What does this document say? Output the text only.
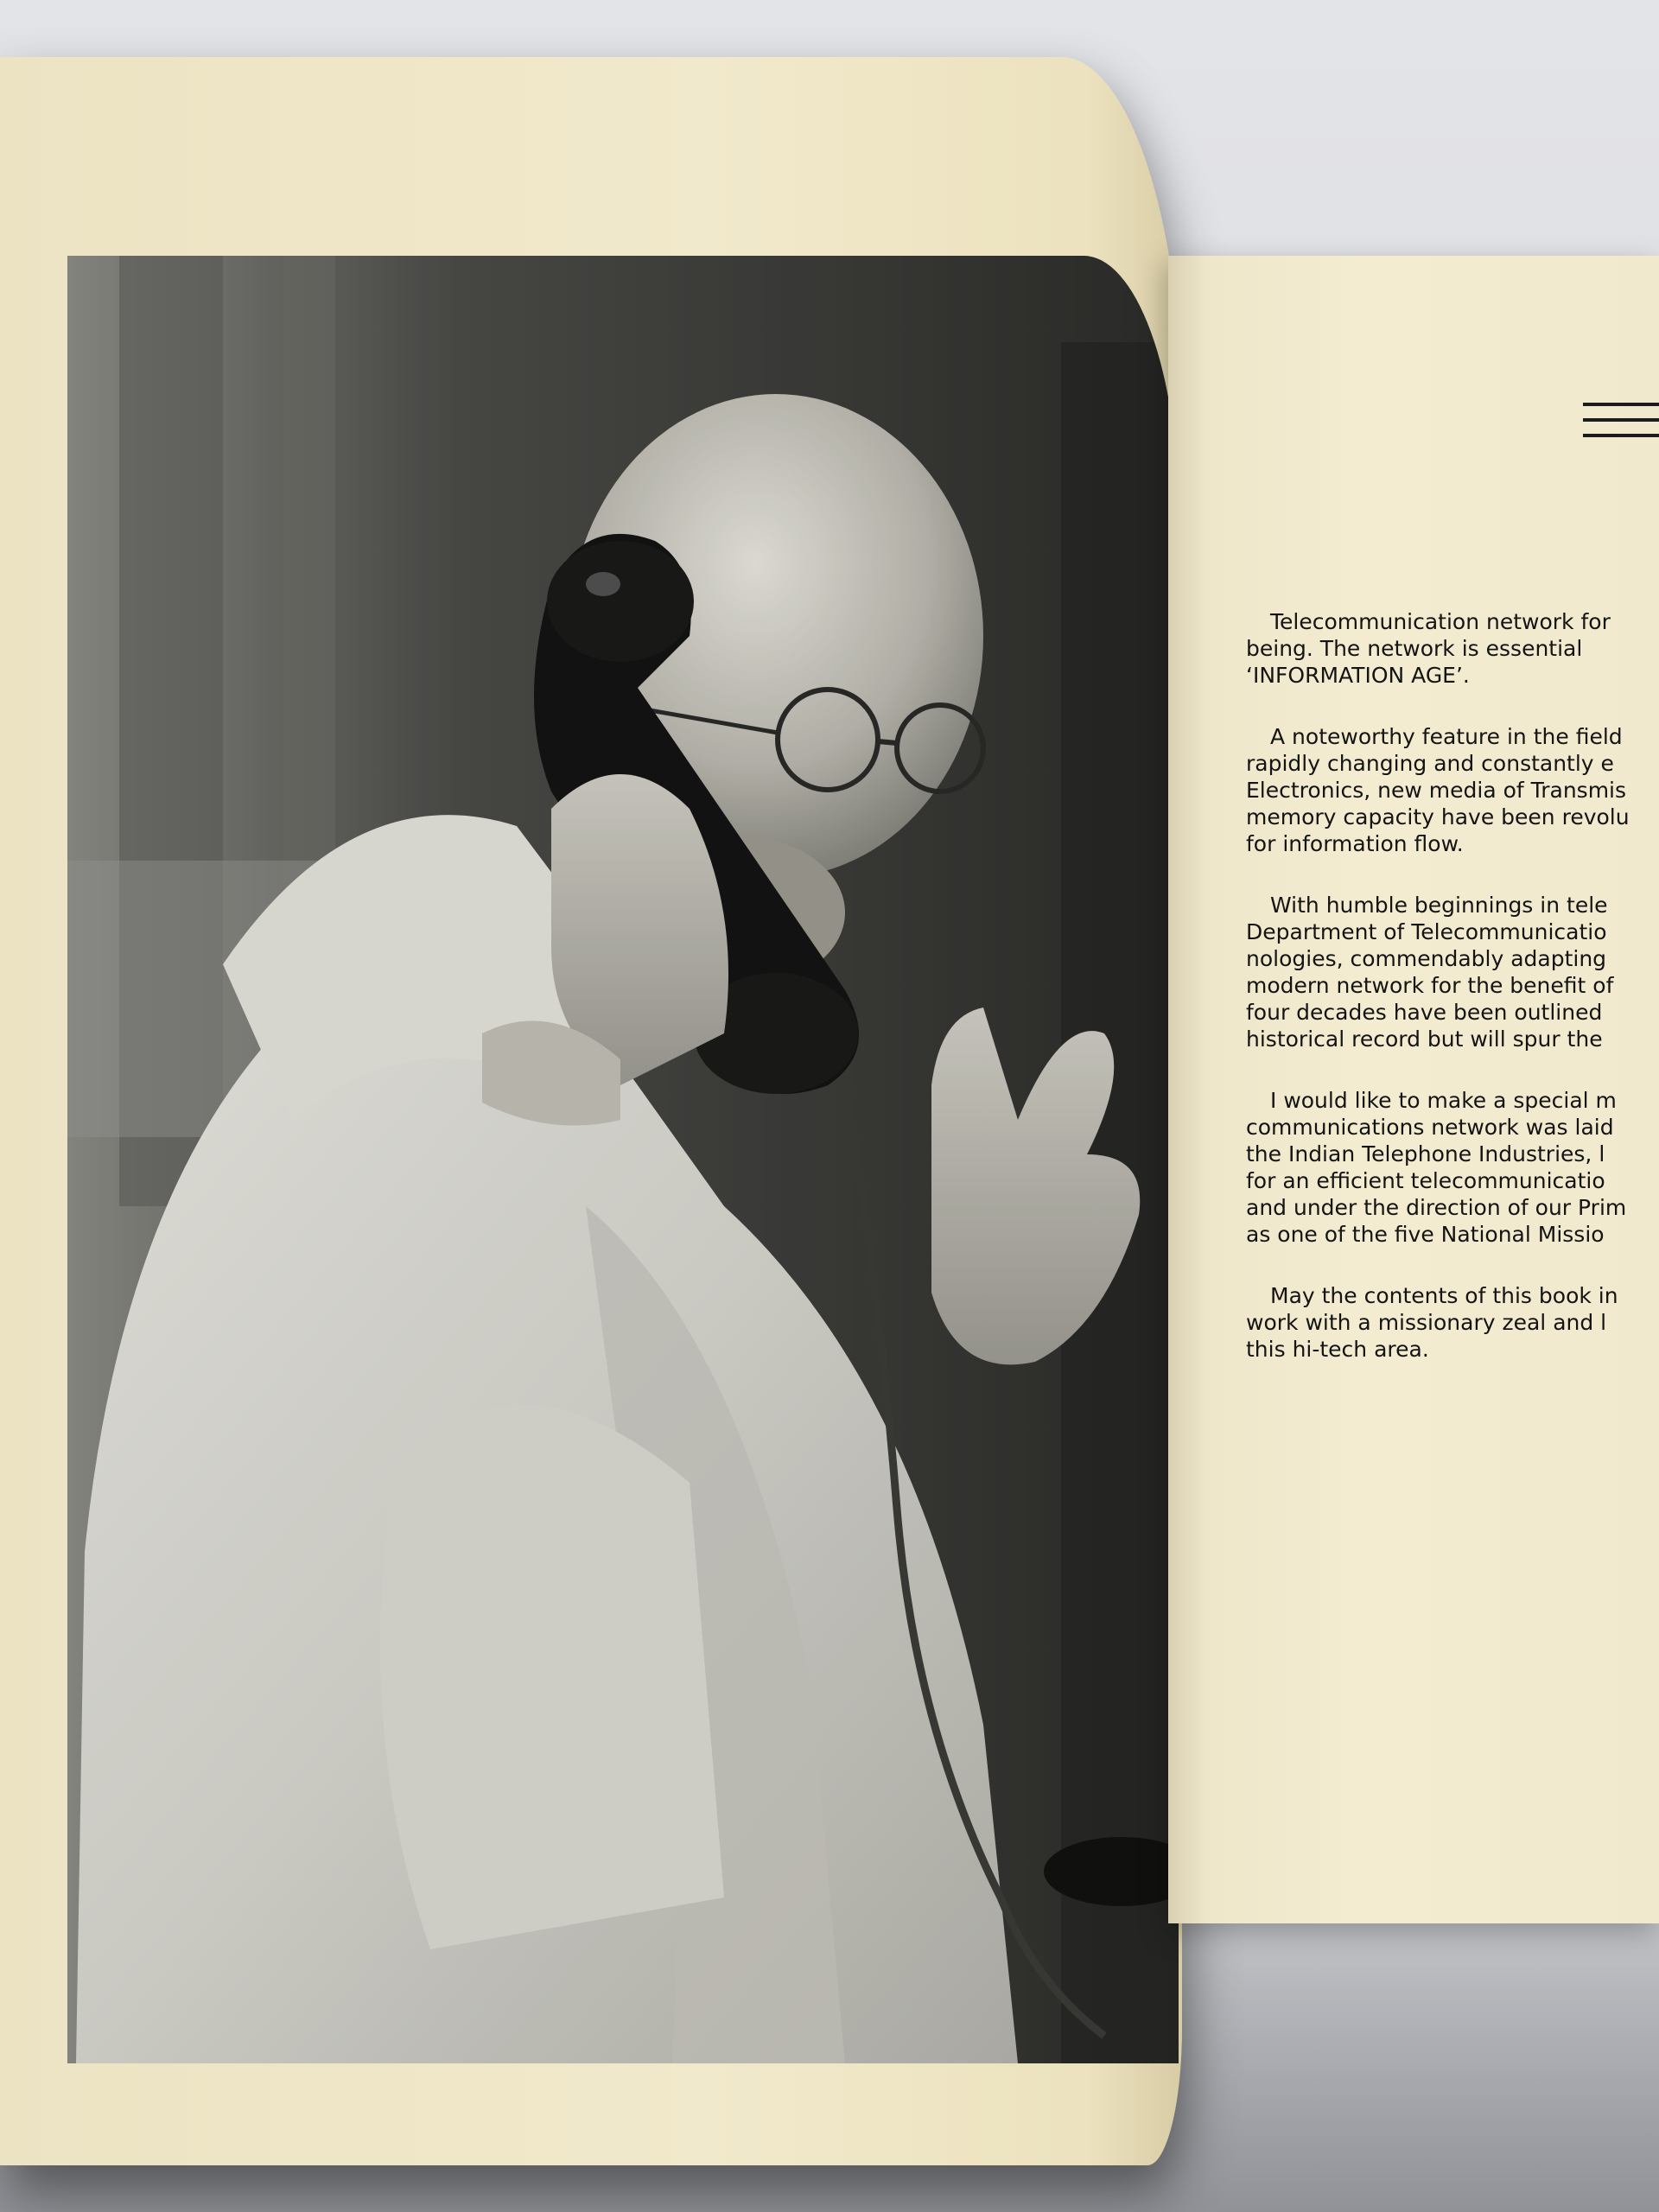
Telecommunication network for
being. The network is essential
‘INFORMATION AGE’.

A noteworthy feature in the field
rapidly changing and constantly e
Electronics, new media of Transmis
memory capacity have been revolu
for information flow.

With humble beginnings in tele
Department of Telecommunicatio
nologies, commendably adapting
modern network for the benefit of
four decades have been outlined
historical record but will spur the

I would like to make a special m
communications network was laid
the Indian Telephone Industries, l
for an efficient telecommunicatio
and under the direction of our Prim
as one of the five National Missio

May the contents of this book in
work with a missionary zeal and l
this hi-tech area.
